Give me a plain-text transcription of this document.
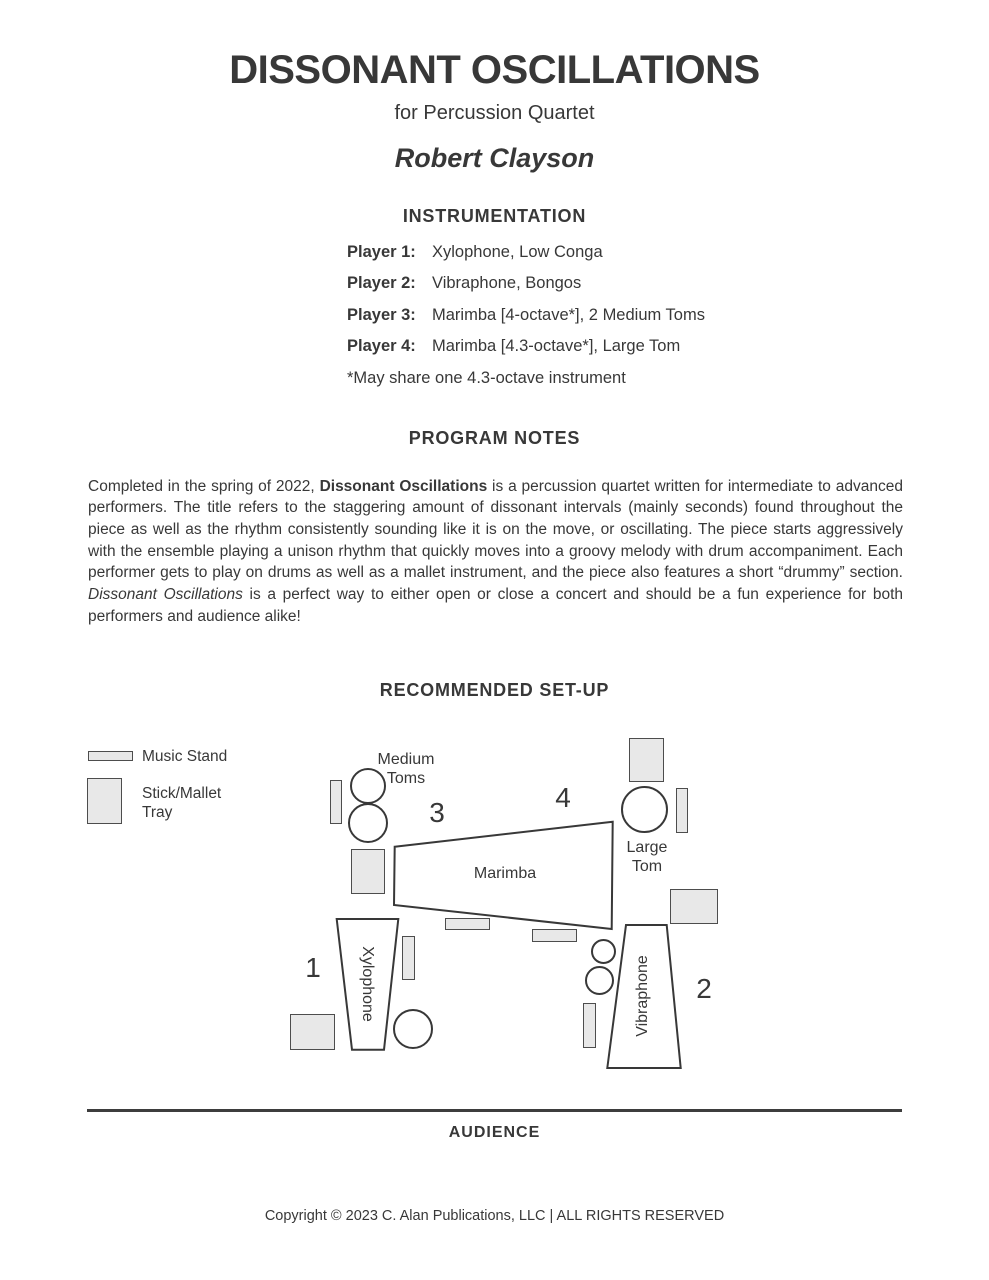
DISSONANT OSCILLATIONS
for Percussion Quartet
Robert Clayson
INSTRUMENTATION
Player 1: Xylophone, Low Conga
Player 2: Vibraphone, Bongos
Player 3: Marimba [4-octave*], 2 Medium Toms
Player 4: Marimba [4.3-octave*], Large Tom
*May share one 4.3-octave instrument
PROGRAM NOTES

Completed in the spring of 2022, Dissonant Oscillations is a percussion quartet written for intermediate to advanced performers. The title refers to the staggering amount of dissonant intervals (mainly seconds) found throughout the piece as well as the rhythm consistently sounding like it is on the move, or oscillating. The piece starts aggressively with the ensemble playing a unison rhythm that quickly moves into a groovy melody with drum accompaniment. Each performer gets to play on drums as well as a mallet instrument, and the piece also features a short “drummy” section. Dissonant Oscillations is a perfect way to either open or close a concert and should be a fun experience for both performers and audience alike!

RECOMMENDED SET-UP
Music Stand
Stick/Mallet
Tray
Medium
Toms
3	4
Large
Tom
Marimba
1	Xylophone	Vibraphone 2
AUDIENCE
Copyright © 2023 C. Alan Publications, LLC | ALL RIGHTS RESERVED
